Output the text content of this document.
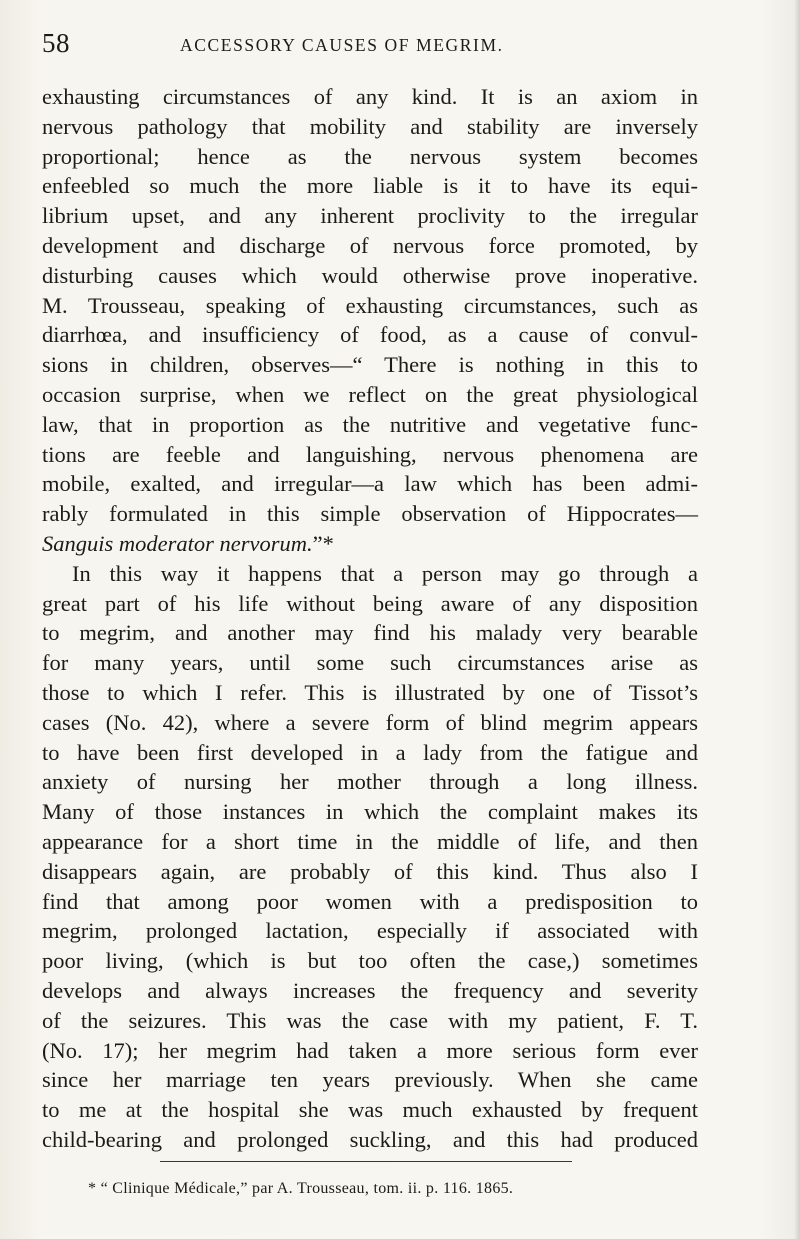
58	ACCESSORY CAUSES OF MEGRIM.
exhausting circumstances of any kind. It is an axiom in
nervous pathology that mobility and stability are inversely
proportional; hence as the nervous system becomes
enfeebled so much the more liable is it to have its equi-
librium upset, and any inherent proclivity to the irregular
development and discharge of nervous force promoted, by
disturbing causes which would otherwise prove inoperative.
M. Trousseau, speaking of exhausting circumstances, such as
diarrhœa, and insufficiency of food, as a cause of convul-
sions in children, observes—“ There is nothing in this to
occasion surprise, when we reflect on the great physiological
law, that in proportion as the nutritive and vegetative func-
tions are feeble and languishing, nervous phenomena are
mobile, exalted, and irregular—a law which has been admi-
rably formulated in this simple observation of Hippocrates—
Sanguis moderator nervorum.”*
In this way it happens that a person may go through a
great part of his life without being aware of any disposition
to megrim, and another may find his malady very bearable
for many years, until some such circumstances arise as
those to which I refer. This is illustrated by one of Tissot’s
cases (No. 42), where a severe form of blind megrim appears
to have been first developed in a lady from the fatigue and
anxiety of nursing her mother through a long illness.
Many of those instances in which the complaint makes its
appearance for a short time in the middle of life, and then
disappears again, are probably of this kind. Thus also I
find that among poor women with a predisposition to
megrim, prolonged lactation, especially if associated with
poor living, (which is but too often the case,) sometimes
develops and always increases the frequency and severity
of the seizures. This was the case with my patient, F. T.
(No. 17); her megrim had taken a more serious form ever
since her marriage ten years previously. When she came
to me at the hospital she was much exhausted by frequent
child-bearing and prolonged suckling, and this had produced
* “ Clinique Médicale,” par A. Trousseau, tom. ii. p. 116. 1865.
